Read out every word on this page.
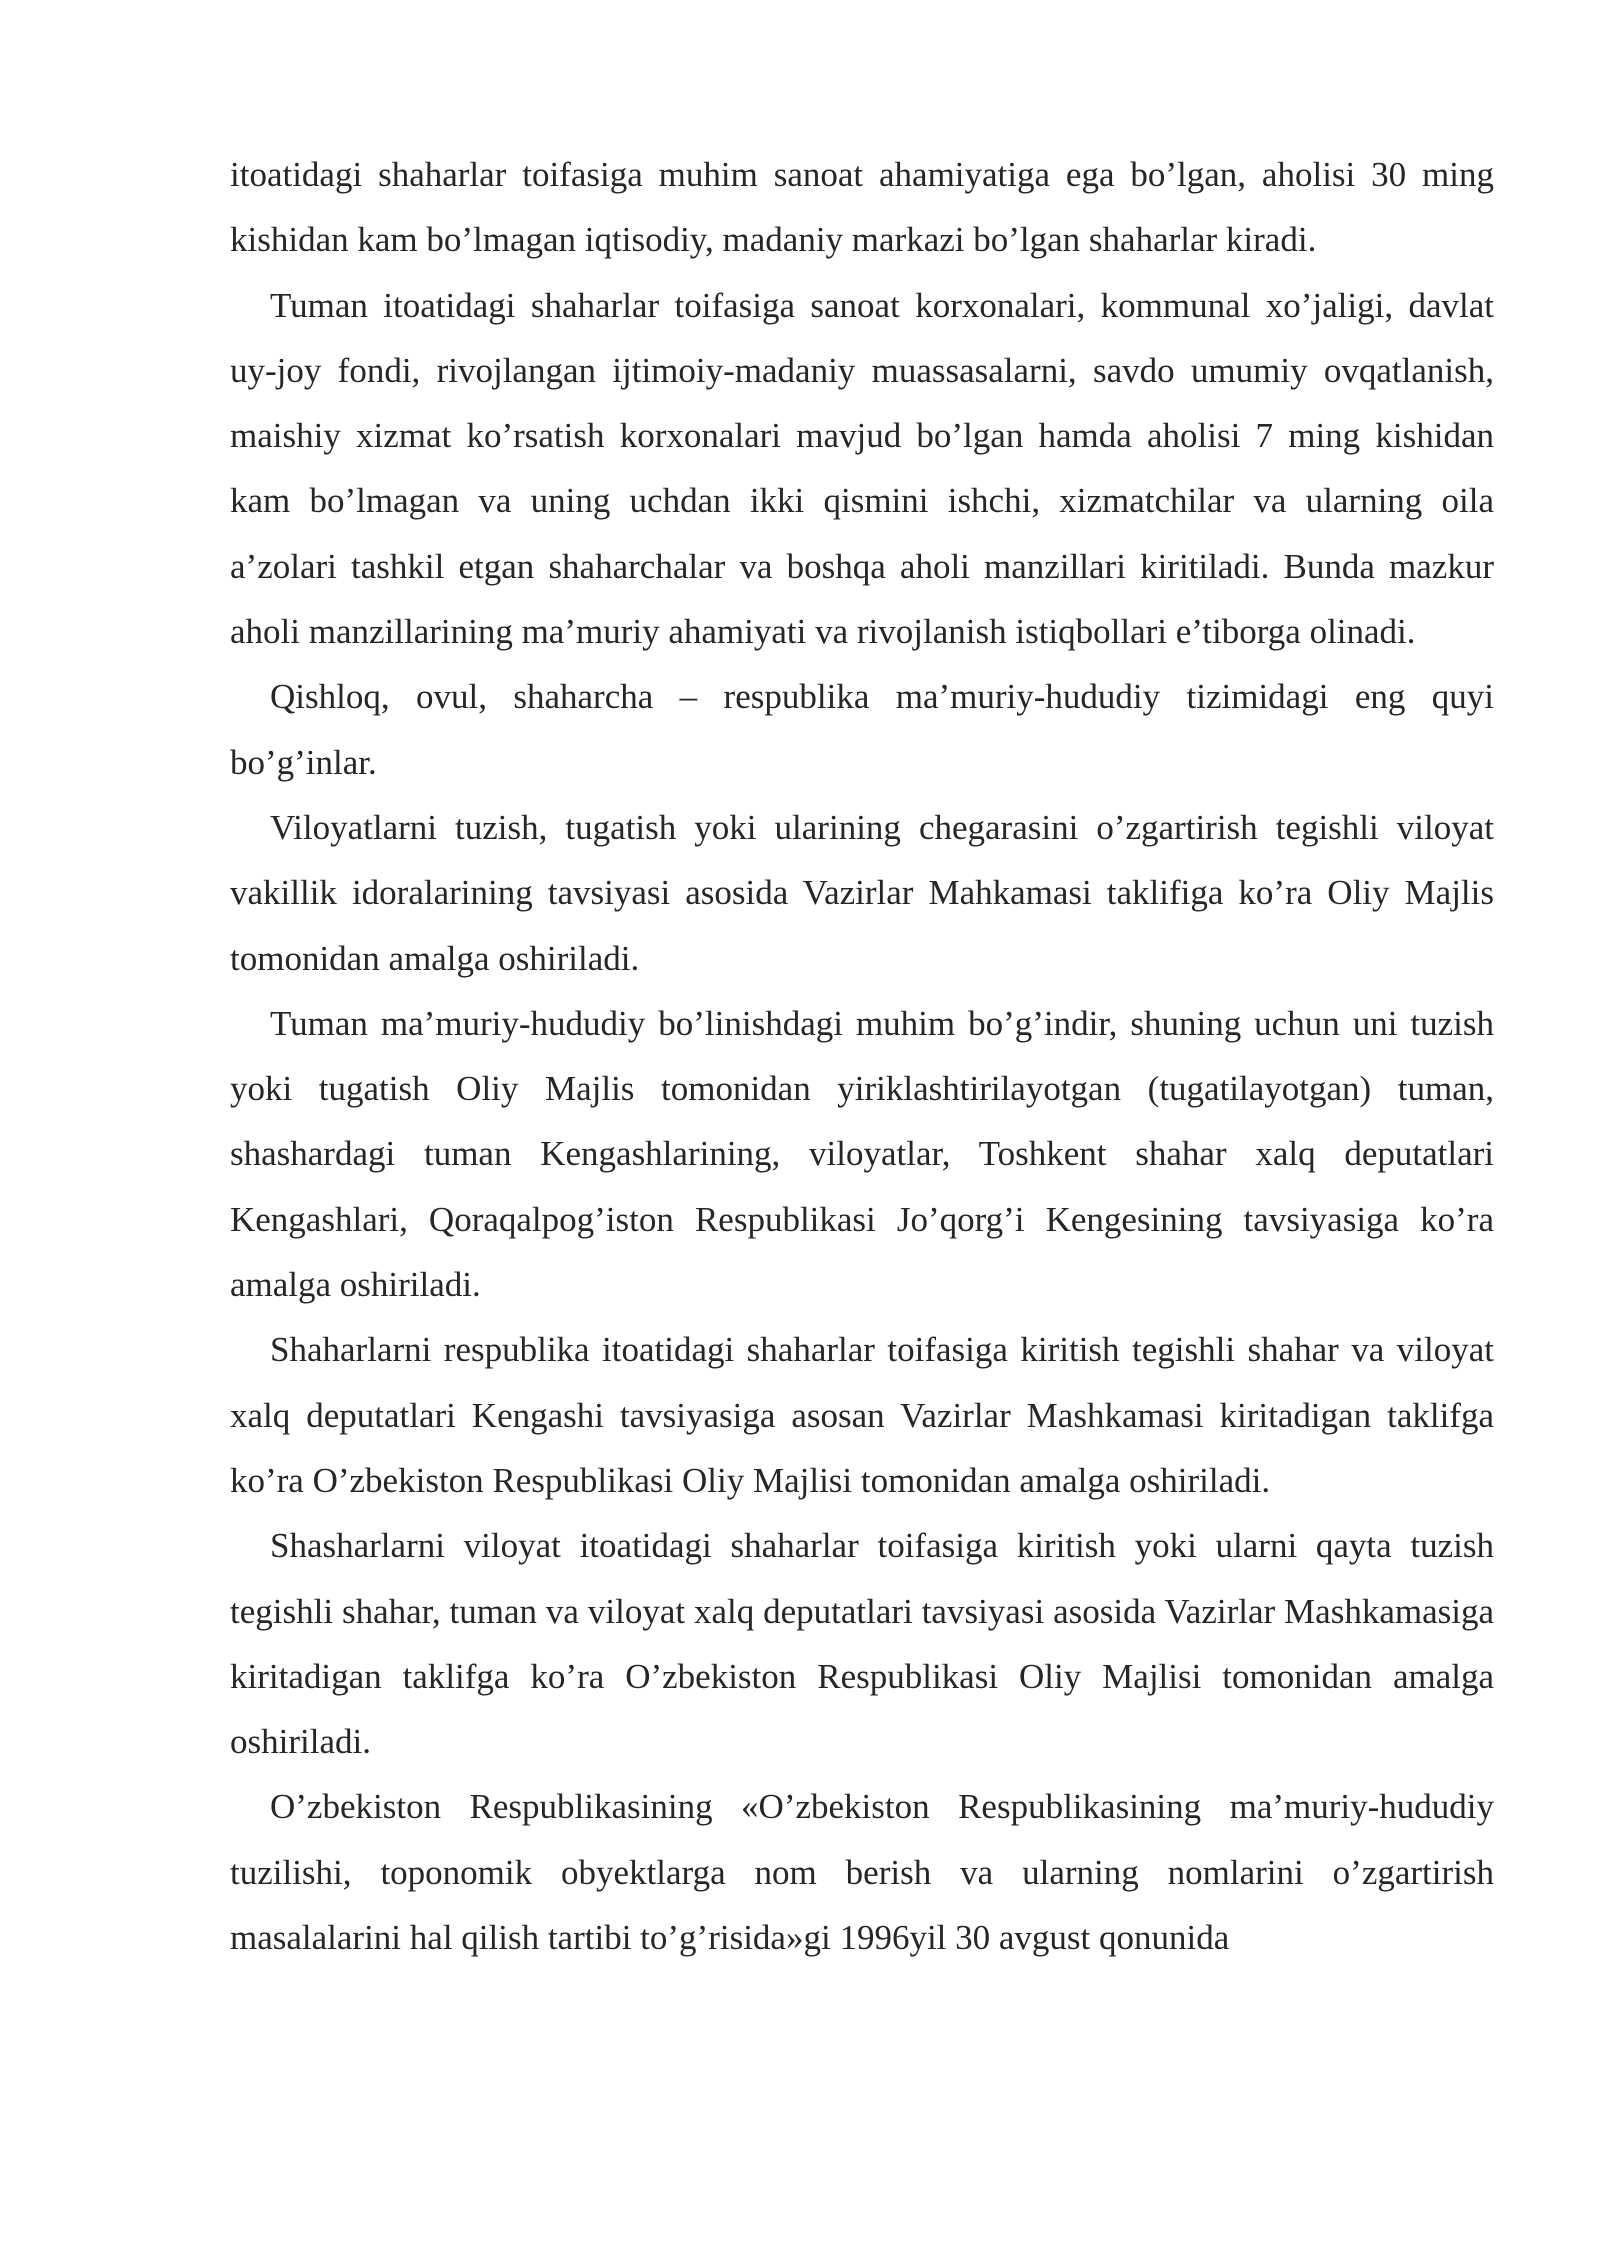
itoatidagi shaharlar toifasiga muhim sanoat ahamiyatiga ega bo’lgan, aholisi 30 ming kishidan kam bo’lmagan iqtisodiy, madaniy markazi bo’lgan shaharlar kiradi.

Tuman itoatidagi shaharlar toifasiga sanoat korxonalari, kommunal xo’jaligi, davlat uy-joy fondi, rivojlangan ijtimoiy-madaniy muassasalarni, savdo umumiy ovqatlanish, maishiy xizmat ko’rsatish korxonalari mavjud bo’lgan hamda aholisi 7 ming kishidan kam bo’lmagan va uning uchdan ikki qismini ishchi, xizmatchilar va ularning oila a’zolari tashkil etgan shaharchalar va boshqa aholi manzillari kiritiladi. Bunda mazkur aholi manzillarining ma’muriy ahamiyati va rivojlanish istiqbollari e’tiborga olinadi.

Qishloq, ovul, shaharcha – respublika ma’muriy-hududiy tizimidagi eng quyi bo’g’inlar.

Viloyatlarni tuzish, tugatish yoki ularining chegarasini o’zgartirish tegishli viloyat vakillik idoralarining tavsiyasi asosida Vazirlar Mahkamasi taklifiga ko’ra Oliy Majlis tomonidan amalga oshiriladi.

Tuman ma’muriy-hududiy bo’linishdagi muhim bo’g’indir, shuning uchun uni tuzish yoki tugatish Oliy Majlis tomonidan yiriklashtirilayotgan (tugatilayotgan) tuman, shashardagi tuman Kengashlarining, viloyatlar, Toshkent shahar xalq deputatlari Kengashlari, Qoraqalpog’iston Respublikasi Jo’qorg’i Kengesining tavsiyasiga ko’ra amalga oshiriladi.

Shaharlarni respublika itoatidagi shaharlar toifasiga kiritish tegishli shahar va viloyat xalq deputatlari Kengashi tavsiyasiga asosan Vazirlar Mashkamasi kiritadigan taklifga ko’ra O’zbekiston Respublikasi Oliy Majlisi tomonidan amalga oshiriladi.

Shasharlarni viloyat itoatidagi shaharlar toifasiga kiritish yoki ularni qayta tuzish tegishli shahar, tuman va viloyat xalq deputatlari tavsiyasi asosida Vazirlar Mashkamasiga kiritadigan taklifga ko’ra O’zbekiston Respublikasi Oliy Majlisi tomonidan amalga oshiriladi.

O’zbekiston Respublikasining «O’zbekiston Respublikasining ma’muriy-hududiy tuzilishi, toponomik obyektlarga nom berish va ularning nomlarini o’zgartirish masalalarini hal qilish tartibi to’g’risida»gi 1996yil 30 avgust qonunida
